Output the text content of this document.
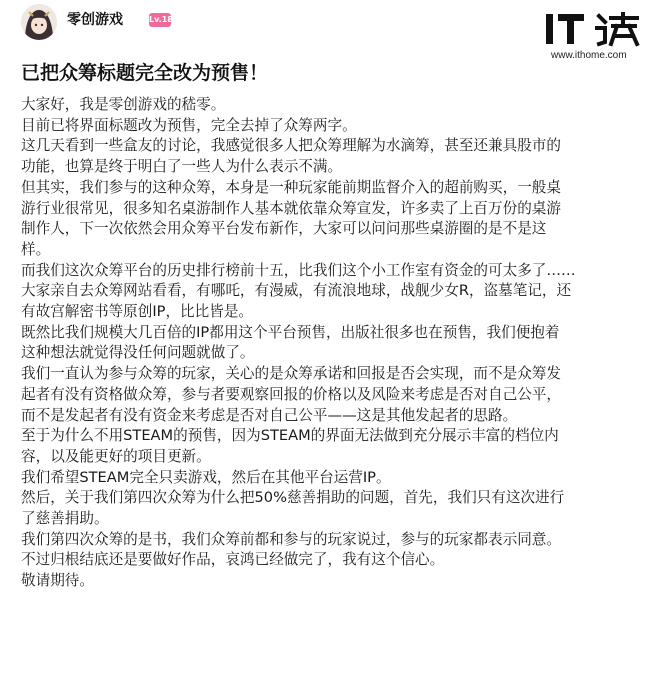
零创游戏	Lv.18
www.ithome.com
已把众筹标题完全改为预售！

大家好，我是零创游戏的嵇零。

目前已将界面标题改为预售，完全去掉了众筹两字。

这几天看到一些盒友的讨论，我感觉很多人把众筹理解为水滴筹，甚至还兼具股市的

功能，也算是终于明白了一些人为什么表示不满。

但其实，我们参与的这种众筹，本身是一种玩家能前期监督介入的超前购买，一般桌

游行业很常见，很多知名桌游制作人基本就依靠众筹宣发，许多卖了上百万份的桌游

制作人，下一次依然会用众筹平台发布新作，大家可以问问那些桌游圈的是不是这

样。

而我们这次众筹平台的历史排行榜前十五，比我们这个小工作室有资金的可太多了……

大家亲自去众筹网站看看，有哪吒，有漫威，有流浪地球，战舰少女R，盗墓笔记，还

有故宫解密书等原创IP，比比皆是。

既然比我们规模大几百倍的IP都用这个平台预售，出版社很多也在预售，我们便抱着

这种想法就觉得没任何问题就做了。

我们一直认为参与众筹的玩家，关心的是众筹承诺和回报是否会实现，而不是众筹发

起者有没有资格做众筹，参与者要观察回报的价格以及风险来考虑是否对自己公平，

而不是发起者有没有资金来考虑是否对自己公平——这是其他发起者的思路。

至于为什么不用STEAM的预售，因为STEAM的界面无法做到充分展示丰富的档位内

容，以及能更好的项目更新。

我们希望STEAM完全只卖游戏，然后在其他平台运营IP。

然后，关于我们第四次众筹为什么把50%慈善捐助的问题，首先，我们只有这次进行

了慈善捐助。

我们第四次众筹的是书，我们众筹前都和参与的玩家说过，参与的玩家都表示同意。

不过归根结底还是要做好作品，哀鸿已经做完了，我有这个信心。

敬请期待。
